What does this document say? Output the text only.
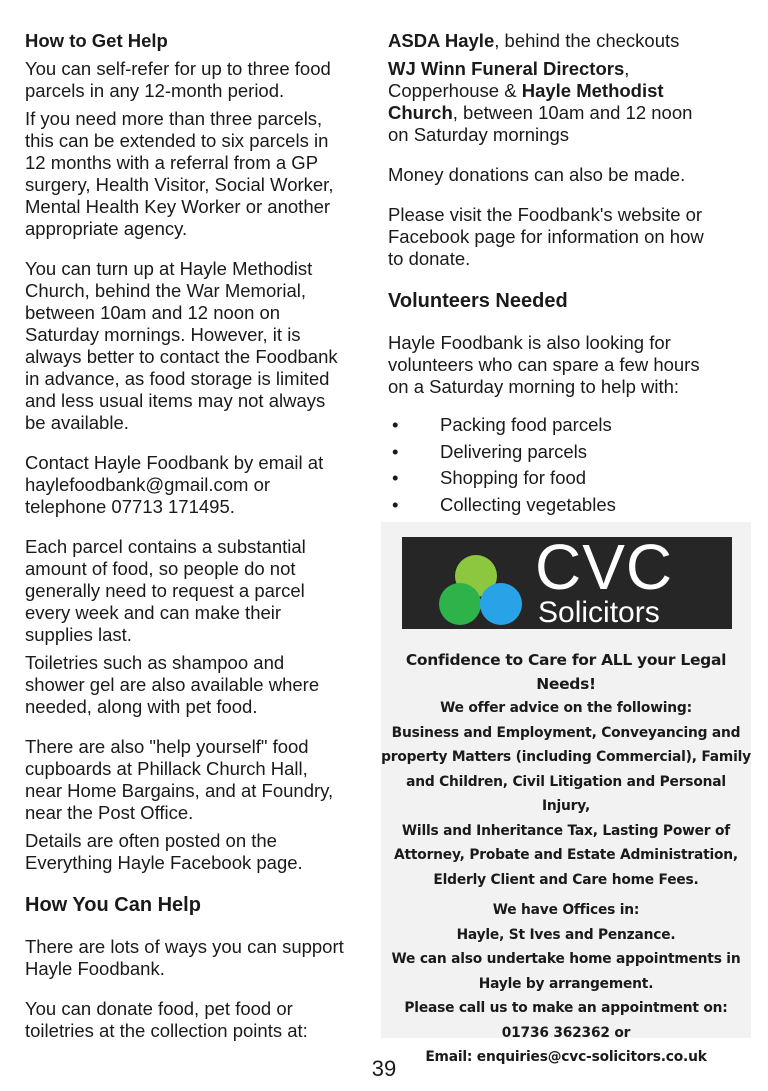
How to Get Help

You can self-refer for up to three food
parcels in any 12-month period.

If you need more than three parcels,
this can be extended to six parcels in
12 months with a referral from a GP
surgery, Health Visitor, Social Worker,
Mental Health Key Worker or another
appropriate agency.

You can turn up at Hayle Methodist
Church, behind the War Memorial,
between 10am and 12 noon on
Saturday mornings. However, it is
always better to contact the Foodbank
in advance, as food storage is limited
and less usual items may not always
be available.

Contact Hayle Foodbank by email at
haylefoodbank@gmail.com or
telephone 07713 171495.

Each parcel contains a substantial
amount of food, so people do not
generally need to request a parcel
every week and can make their
supplies last.

Toiletries such as shampoo and
shower gel are also available where
needed, along with pet food.

There are also "help yourself" food
cupboards at Phillack Church Hall,
near Home Bargains, and at Foundry,
near the Post Office.

Details are often posted on the
Everything Hayle Facebook page.

How You Can Help

There are lots of ways you can support
Hayle Foodbank.

You can donate food, pet food or
toiletries at the collection points at:

ASDA Hayle, behind the checkouts

WJ Winn Funeral Directors,
Copperhouse & Hayle Methodist
Church, between 10am and 12 noon
on Saturday mornings

Money donations can also be made.

Please visit the Foodbank's website or
Facebook page for information on how
to donate.

Volunteers Needed

Hayle Foodbank is also looking for
volunteers who can spare a few hours
on a Saturday morning to help with:

• Packing food parcels
• Delivering parcels
• Shopping for food
• Collecting vegetables
CVC
Solicitors
Confidence to Care for ALL your Legal Needs!
We offer advice on the following:
Business and Employment, Conveyancing and
property Matters (including Commercial), Family
and Children, Civil Litigation and Personal Injury,
Wills and Inheritance Tax, Lasting Power of
Attorney, Probate and Estate Administration,
Elderly Client and Care home Fees.
We have Offices in:
Hayle, St Ives and Penzance.
We can also undertake home appointments in
Hayle by arrangement.
Please call us to make an appointment on:
01736 362362 or
Email: enquiries@cvc-solicitors.co.uk
39
